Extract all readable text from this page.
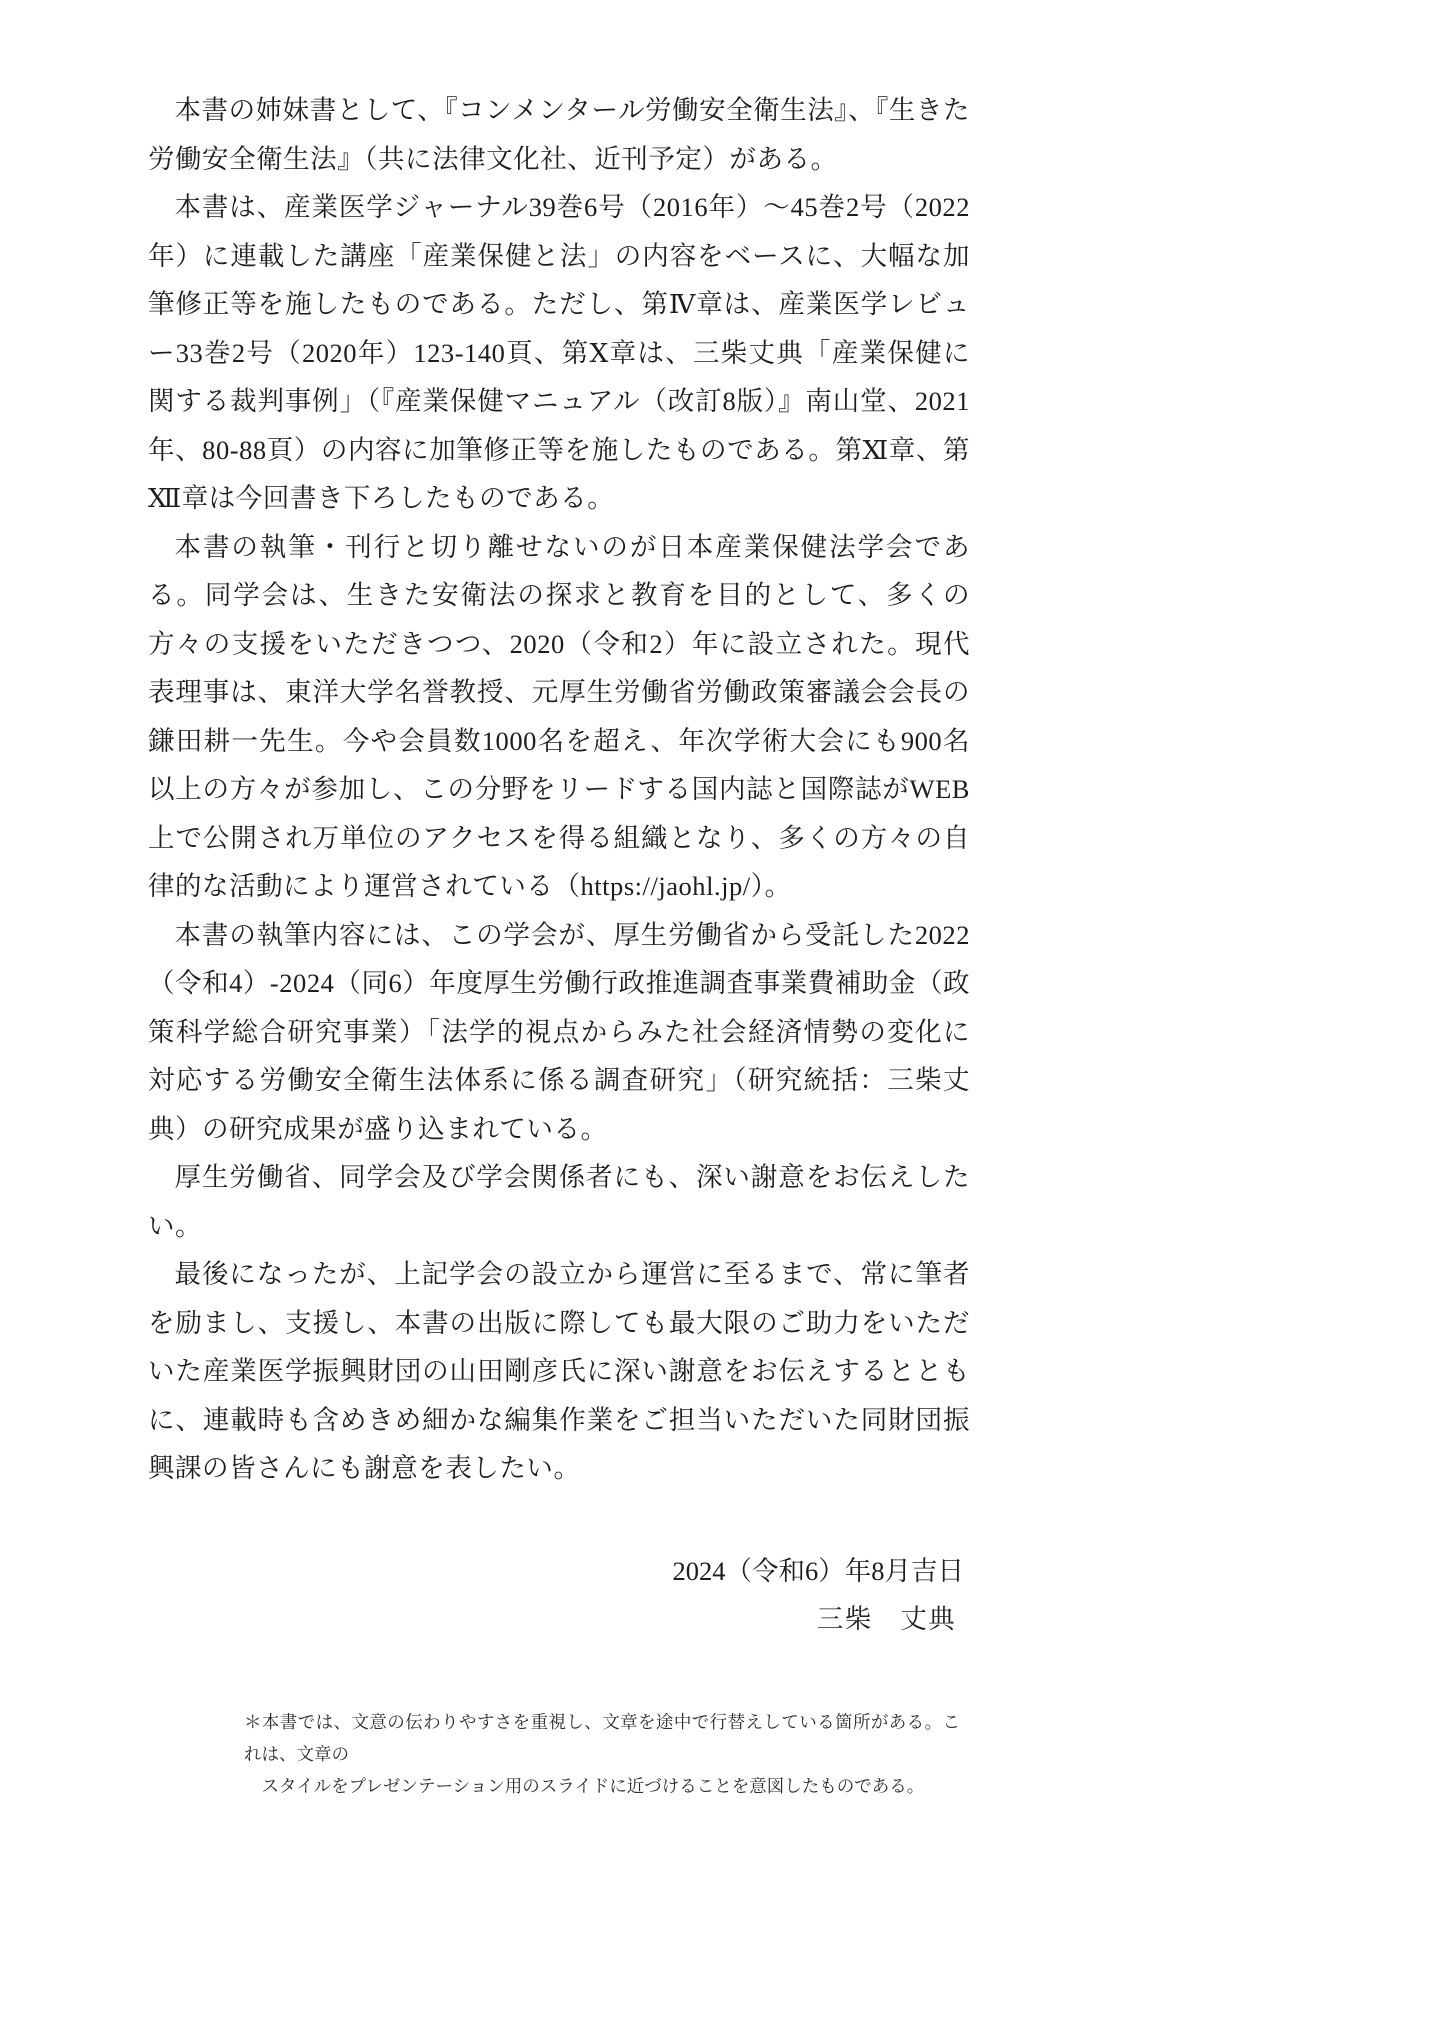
本書の姉妹書として、『コンメンタール労働安全衛生法』、『生きた労働安全衛生法』（共に法律文化社、近刊予定）がある。

本書は、産業医学ジャーナル39巻6号（2016年）〜45巻2号（2022年）に連載した講座「産業保健と法」の内容をベースに、大幅な加筆修正等を施したものである。ただし、第Ⅳ章は、産業医学レビュー33巻2号（2020年）123-140頁、第Ⅹ章は、三柴丈典「産業保健に関する裁判事例」（『産業保健マニュアル（改訂8版）』南山堂、2021年、80-88頁）の内容に加筆修正等を施したものである。第Ⅺ章、第Ⅻ章は今回書き下ろしたものである。

本書の執筆・刊行と切り離せないのが日本産業保健法学会である。同学会は、生きた安衛法の探求と教育を目的として、多くの方々の支援をいただきつつ、2020（令和2）年に設立された。現代表理事は、東洋大学名誉教授、元厚生労働省労働政策審議会会長の鎌田耕一先生。今や会員数1000名を超え、年次学術大会にも900名以上の方々が参加し、この分野をリードする国内誌と国際誌がWEB上で公開され万単位のアクセスを得る組織となり、多くの方々の自律的な活動により運営されている（https://jaohl.jp/）。

本書の執筆内容には、この学会が、厚生労働省から受託した2022（令和4）-2024（同6）年度厚生労働行政推進調査事業費補助金（政策科学総合研究事業）「法学的視点からみた社会経済情勢の変化に対応する労働安全衛生法体系に係る調査研究」（研究統括：三柴丈典）の研究成果が盛り込まれている。

厚生労働省、同学会及び学会関係者にも、深い謝意をお伝えしたい。

最後になったが、上記学会の設立から運営に至るまで、常に筆者を励まし、支援し、本書の出版に際しても最大限のご助力をいただいた産業医学振興財団の山田剛彦氏に深い謝意をお伝えするとともに、連載時も含めきめ細かな編集作業をご担当いただいた同財団振興課の皆さんにも謝意を表したい。

2024（令和6）年8月吉日
三柴　丈典
＊本書では、文意の伝わりやすさを重視し、文章を途中で行替えしている箇所がある。これは、文章の
スタイルをプレゼンテーション用のスライドに近づけることを意図したものである。
